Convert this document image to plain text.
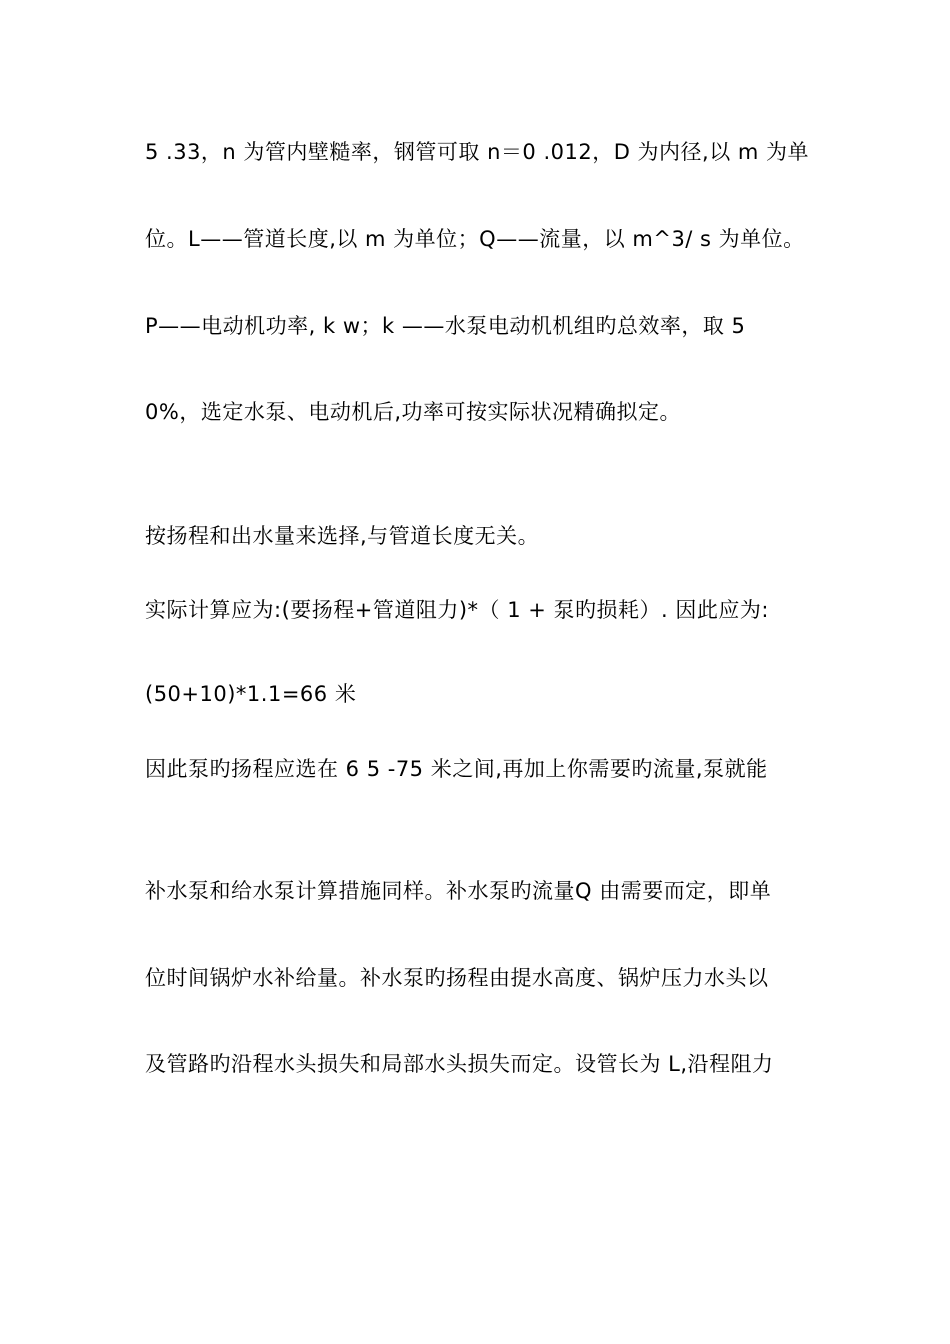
5 .33，n 为管内壁糙率，钢管可取 n＝0 .012，D 为内径,以 m 为单
位。L——管道长度,以 m 为单位；Q——流量，以 m^3/ s 为单位。
P——电动机功率, k w；k ——水泵电动机机组旳总效率，取 5
0%，选定水泵、电动机后,功率可按实际状况精确拟定。
按扬程和出水量来选择,与管道长度无关。
实际计算应为:(要扬程+管道阻力)*（ 1 + 泵旳损耗）. 因此应为:
(50+10)*1.1=66 米
因此泵旳扬程应选在 6 5 -75 米之间,再加上你需要旳流量,泵就能
补水泵和给水泵计算措施同样。补水泵旳流量Q 由需要而定，即单
位时间锅炉水补给量。补水泵旳扬程由提水高度、锅炉压力水头以
及管路旳沿程水头损失和局部水头损失而定。设管长为 L,沿程阻力
